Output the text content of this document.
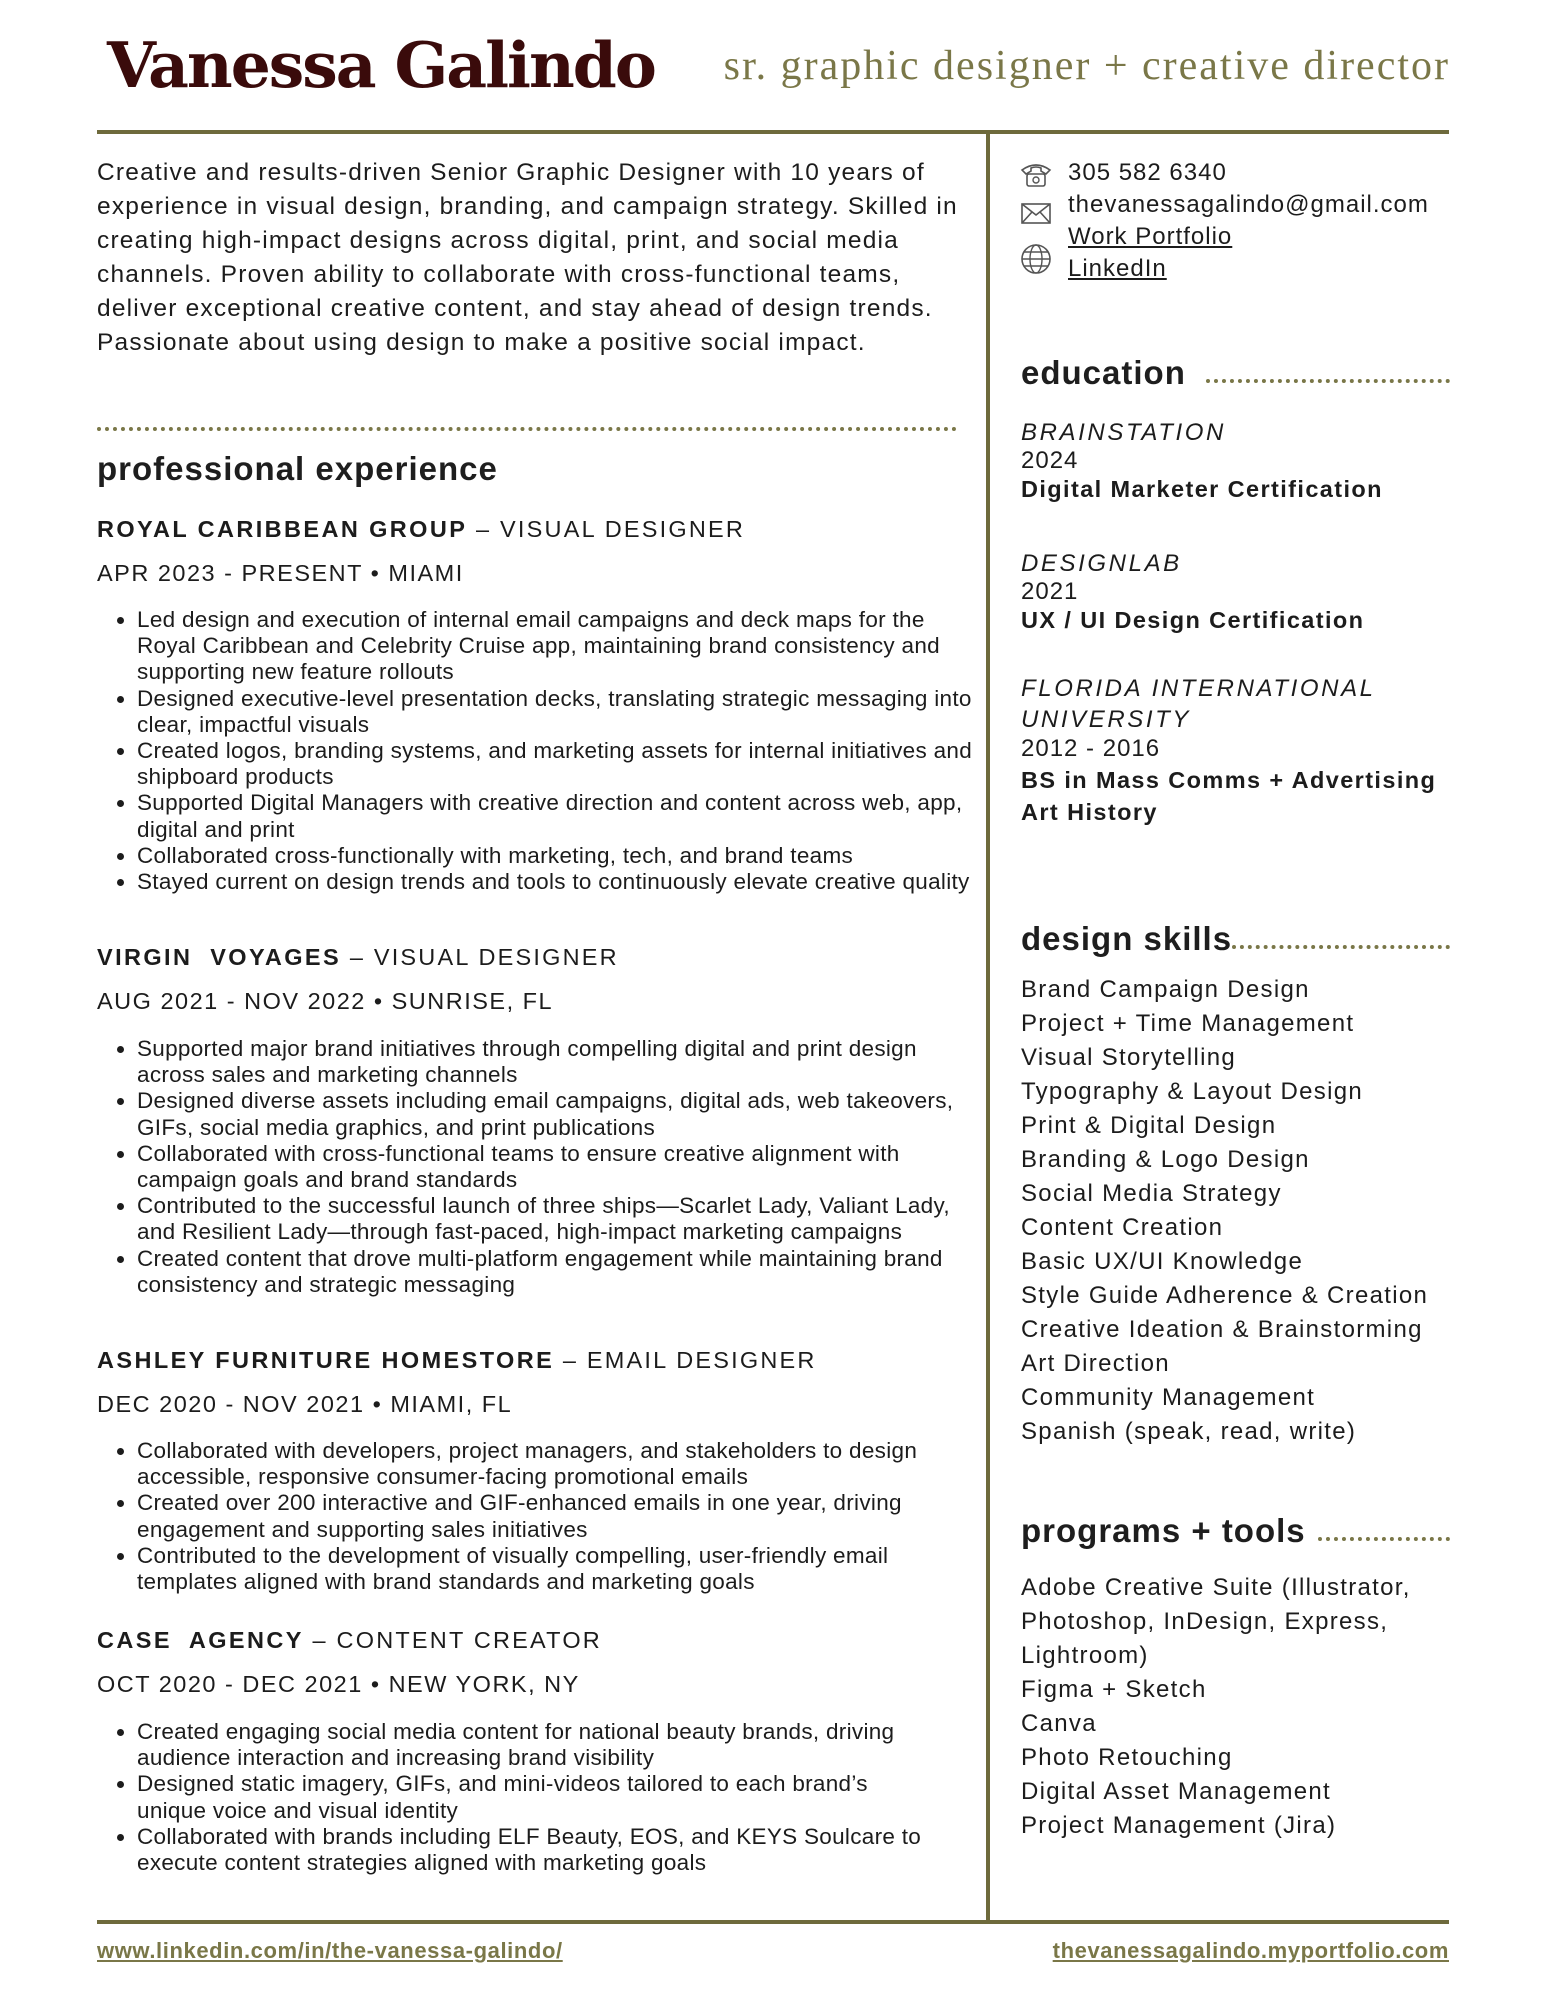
Vanessa Galindo	sr. graphic designer + creative director
Creative and results-driven Senior Graphic Designer with 10 years of experience in visual design, branding, and campaign strategy. Skilled in creating high-impact designs across digital, print, and social media channels. Proven ability to collaborate with cross-functional teams, deliver exceptional creative content, and stay ahead of design trends. Passionate about using design to make a positive social impact.
professional experience
ROYAL CARIBBEAN GROUP – VISUAL DESIGNER
APR 2023 - PRESENT • MIAMI
• Led design and execution of internal email campaigns and deck maps for the Royal Caribbean and Celebrity Cruise app, maintaining brand consistency and supporting new feature rollouts
• Designed executive-level presentation decks, translating strategic messaging into clear, impactful visuals
• Created logos, branding systems, and marketing assets for internal initiatives and shipboard products
• Supported Digital Managers with creative direction and content across web, app, digital and print
• Collaborated cross-functionally with marketing, tech, and brand teams
• Stayed current on design trends and tools to continuously elevate creative quality
VIRGIN  VOYAGES – VISUAL DESIGNER
AUG 2021 - NOV 2022 • SUNRISE, FL
• Supported major brand initiatives through compelling digital and print design across sales and marketing channels
• Designed diverse assets including email campaigns, digital ads, web takeovers, GIFs, social media graphics, and print publications
• Collaborated with cross-functional teams to ensure creative alignment with campaign goals and brand standards
• Contributed to the successful launch of three ships—Scarlet Lady, Valiant Lady, and Resilient Lady—through fast-paced, high-impact marketing campaigns
• Created content that drove multi-platform engagement while maintaining brand consistency and strategic messaging
ASHLEY FURNITURE HOMESTORE – EMAIL DESIGNER
DEC 2020 - NOV 2021 • MIAMI, FL
• Collaborated with developers, project managers, and stakeholders to design accessible, responsive consumer-facing promotional emails
• Created over 200 interactive and GIF-enhanced emails in one year, driving engagement and supporting sales initiatives
• Contributed to the development of visually compelling, user-friendly email templates aligned with brand standards and marketing goals
CASE  AGENCY – CONTENT CREATOR
OCT 2020 - DEC 2021 • NEW YORK, NY
• Created engaging social media content for national beauty brands, driving audience interaction and increasing brand visibility
• Designed static imagery, GIFs, and mini-videos tailored to each brand’s unique voice and visual identity
• Collaborated with brands including ELF Beauty, EOS, and KEYS Soulcare to execute content strategies aligned with marketing goals
305 582 6340
thevanessagalindo@gmail.com
Work Portfolio
LinkedIn
education
BRAINSTATION
2024
Digital Marketer Certification
DESIGNLAB
2021
UX / UI Design Certification
FLORIDA INTERNATIONAL UNIVERSITY
2012 - 2016
BS in Mass Comms + Advertising Art History
design skills
Brand Campaign Design
Project + Time Management
Visual Storytelling
Typography & Layout Design
Print & Digital Design
Branding & Logo Design
Social Media Strategy
Content Creation
Basic UX/UI Knowledge
Style Guide Adherence & Creation
Creative Ideation & Brainstorming
Art Direction
Community Management
Spanish (speak, read, write)
programs + tools
Adobe Creative Suite (Illustrator,
Photoshop, InDesign, Express,
Lightroom)
Figma + Sketch
Canva
Photo Retouching
Digital Asset Management
Project Management (Jira)
www.linkedin.com/in/the-vanessa-galindo/	thevanessagalindo.myportfolio.com
